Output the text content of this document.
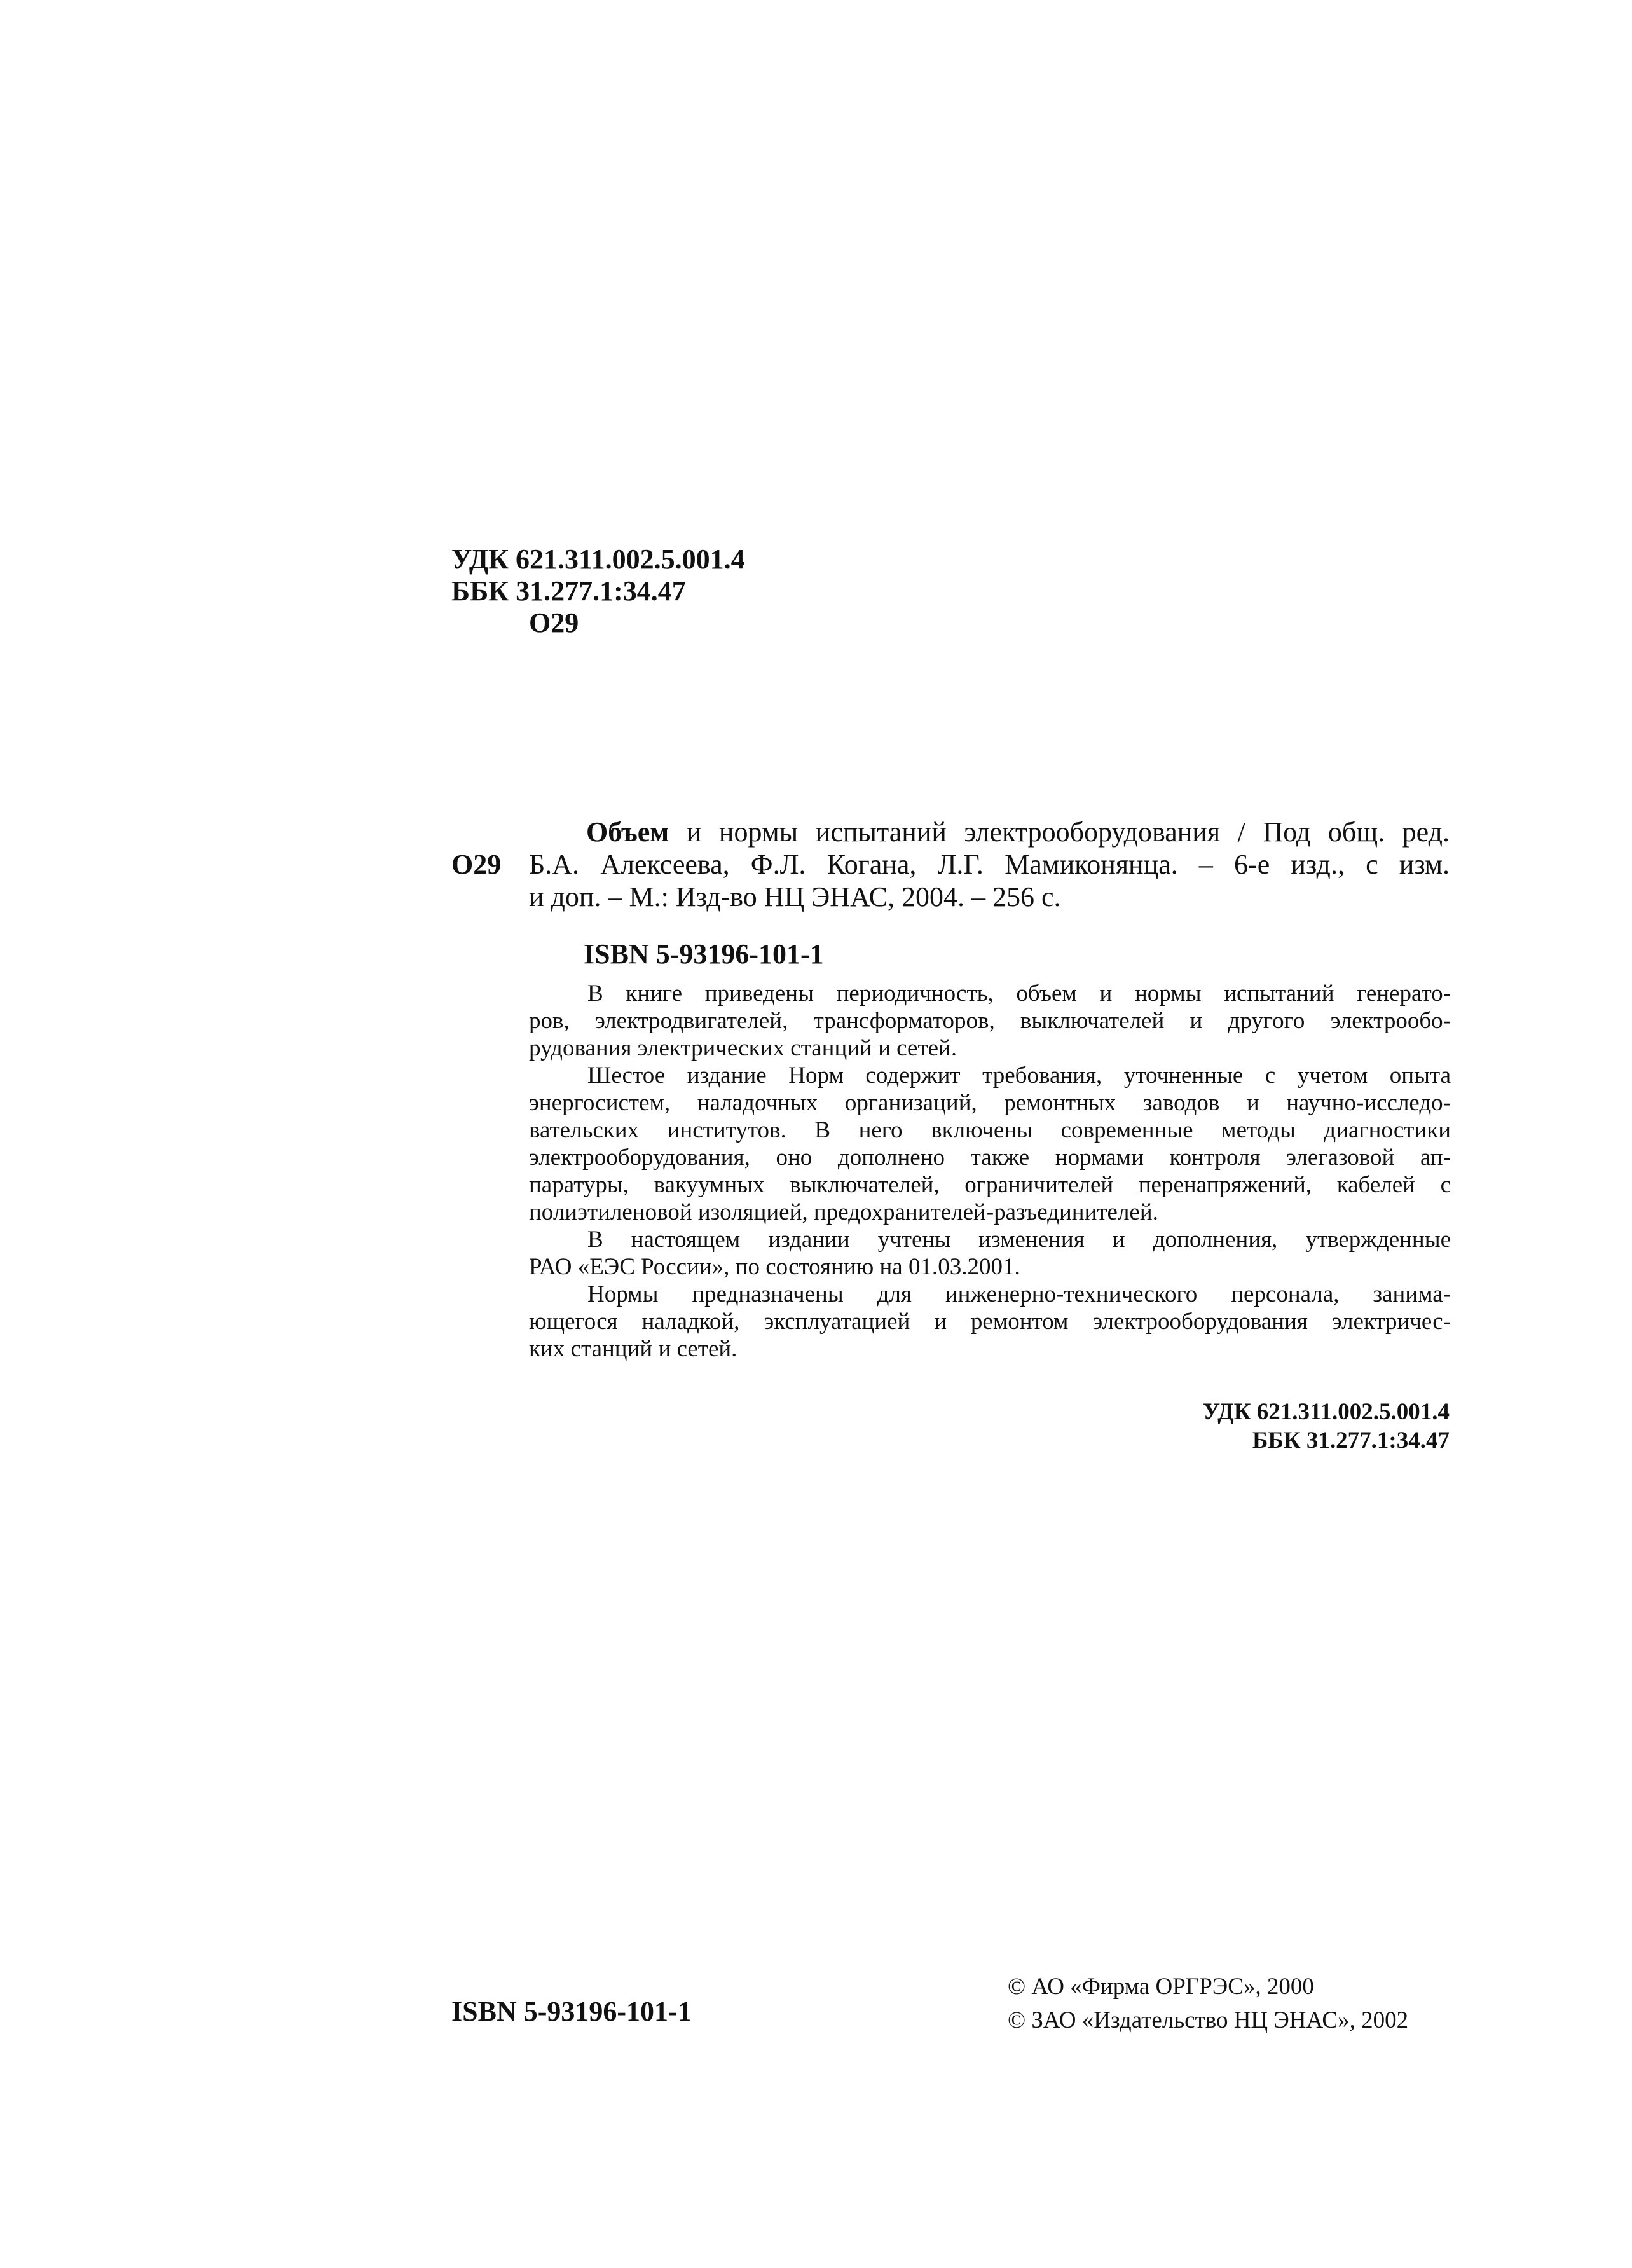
УДК 621.311.002.5.001.4
ББК 31.277.1:34.47
О29
Объем и нормы испытаний электрооборудования / Под общ. ред.
О29 Б.А. Алексеева, Ф.Л. Когана, Л.Г. Мамиконянца. – 6-е изд., с изм.
и доп. – М.: Изд-во НЦ ЭНАС, 2004. – 256 с.
ISBN 5-93196-101-1
В книге приведены периодичность, объем и нормы испытаний генерато-
ров, электродвигателей, трансформаторов, выключателей и другого электрообо-
рудования электрических станций и сетей.
Шестое издание Норм содержит требования, уточненные с учетом опыта
энергосистем, наладочных организаций, ремонтных заводов и научно-исследо-
вательских институтов. В него включены современные методы диагностики
электрооборудования, оно дополнено также нормами контроля элегазовой ап-
паратуры, вакуумных выключателей, ограничителей перенапряжений, кабелей с
полиэтиленовой изоляцией, предохранителей-разъединителей.
В настоящем издании учтены изменения и дополнения, утвержденные
РАО «ЕЭС России», по состоянию на 01.03.2001.
Нормы предназначены для инженерно-технического персонала, занима-
ющегося наладкой, эксплуатацией и ремонтом электрооборудования электричес-
ких станций и сетей.
УДК 621.311.002.5.001.4
ББК 31.277.1:34.47
ISBN 5-93196-101-1
© АО «Фирма ОРГРЭС», 2000
© ЗАО «Издательство НЦ ЭНАС», 2002
